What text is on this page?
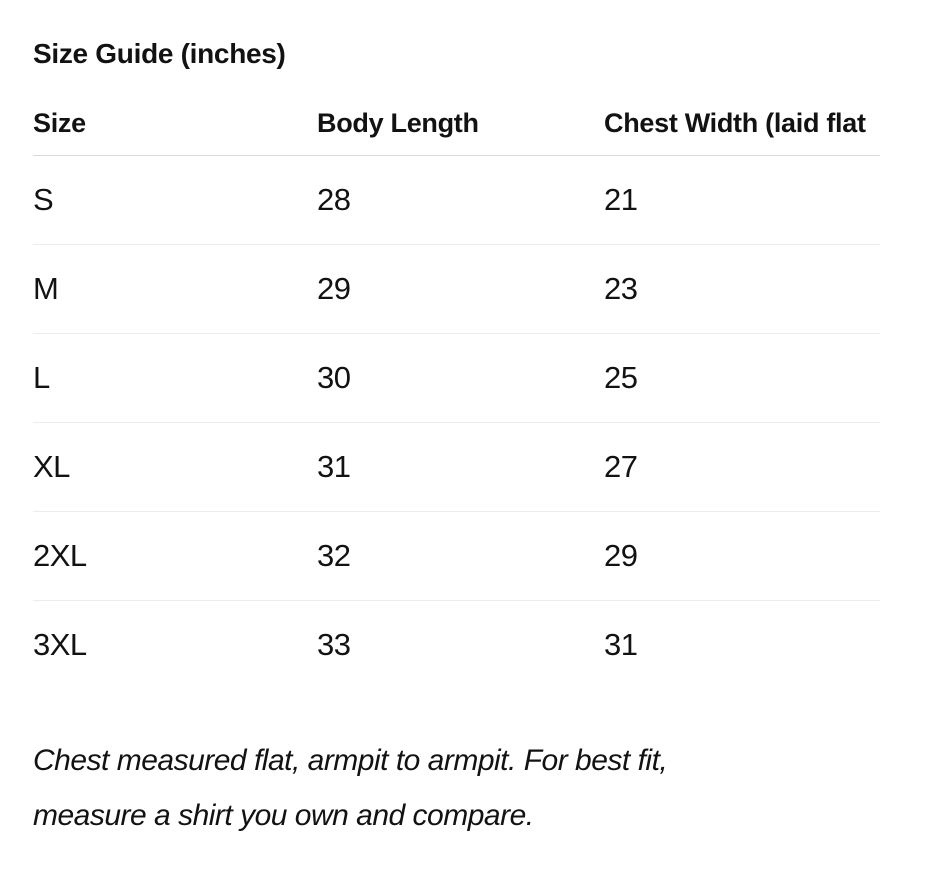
Size Guide (inches)
Size	Body Length	Chest Width (laid flat
S	28	21
M	29	23
L	30	25
XL	31	27
2XL	32	29
3XL	33	31

Chest measured flat, armpit to armpit. For best fit,
measure a shirt you own and compare.
